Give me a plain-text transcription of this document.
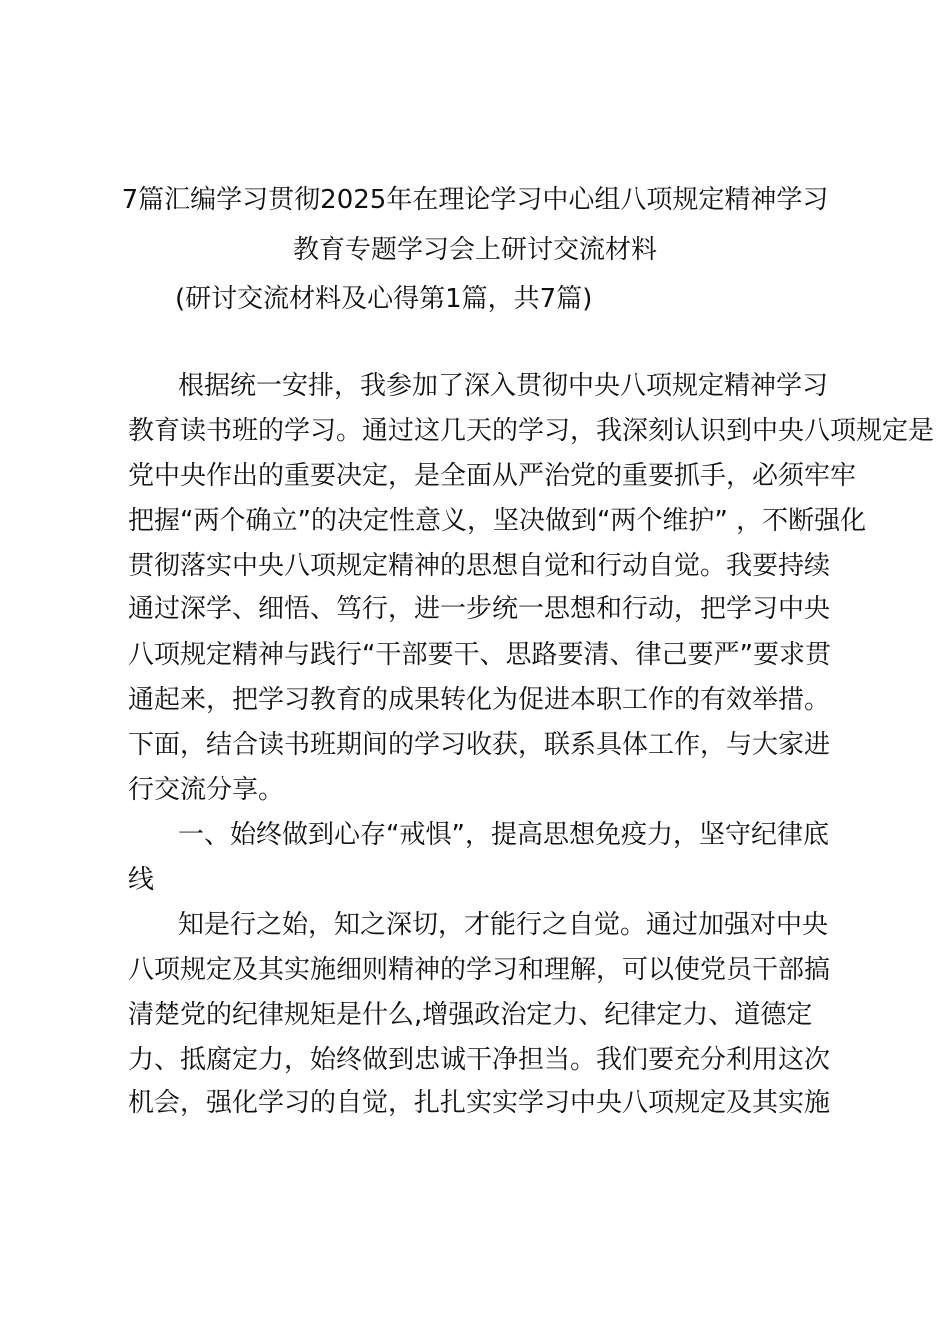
7篇汇编学习贯彻2025年在理论学习中心组八项规定精神学习
教育专题学习会上研讨交流材料
(研讨交流材料及心得第1篇，共7篇)
根据统一安排，我参加了深入贯彻中央八项规定精神学习
教育读书班的学习。通过这几天的学习，我深刻认识到中央八项规定是
党中央作出的重要决定，是全面从严治党的重要抓手，必须牢牢
把握“两个确立”的决定性意义，坚决做到“两个维护” ，不断强化
贯彻落实中央八项规定精神的思想自觉和行动自觉。我要持续
通过深学、细悟、笃行，进一步统一思想和行动，把学习中央
八项规定精神与践行“干部要干、思路要清、律己要严”要求贯
通起来，把学习教育的成果转化为促进本职工作的有效举措。
下面，结合读书班期间的学习收获，联系具体工作，与大家进
行交流分享。
一、始终做到心存“戒惧”，提高思想免疫力，坚守纪律底
线
知是行之始，知之深切，才能行之自觉。通过加强对中央
八项规定及其实施细则精神的学习和理解，可以使党员干部搞
清楚党的纪律规矩是什么,增强政治定力、纪律定力、道德定
力、抵腐定力，始终做到忠诚干净担当。我们要充分利用这次
机会，强化学习的自觉，扎扎实实学习中央八项规定及其实施
